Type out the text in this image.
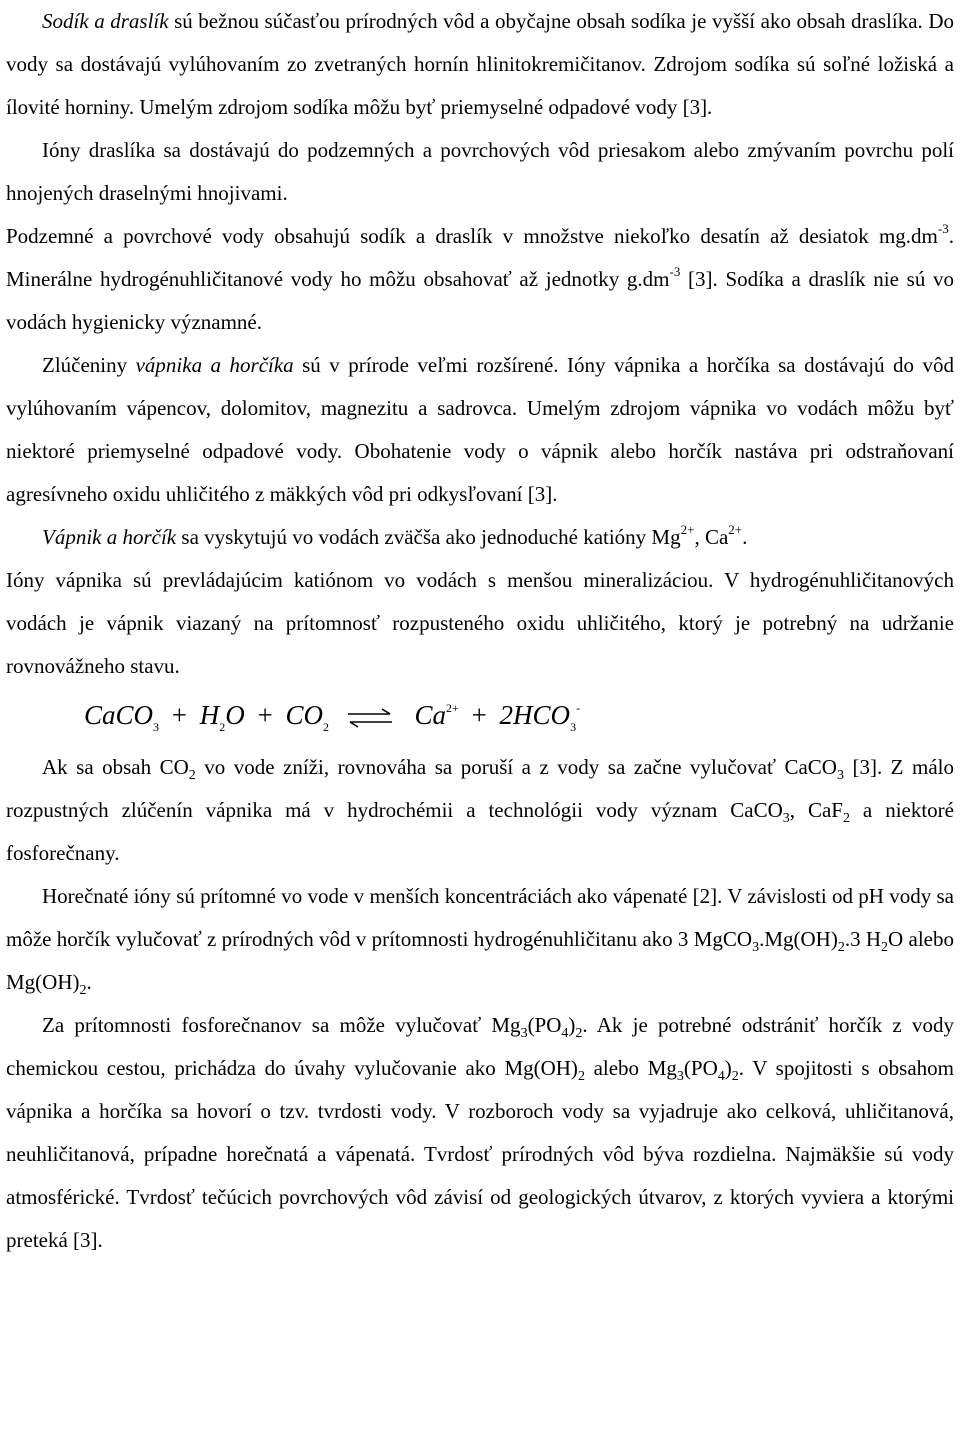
Sodík a draslík sú bežnou súčasťou prírodných vôd a obyčajne obsah sodíka je vyšší ako obsah draslíka. Do vody sa dostávajú vylúhovaním zo zvetraných hornín hlinitokremičitanov. Zdrojom sodíka sú soľné ložiská a ílovité horniny. Umelým zdrojom sodíka môžu byť priemyselné odpadové vody [3].

Ióny draslíka sa dostávajú do podzemných a povrchových vôd priesakom alebo zmývaním povrchu polí hnojených draselnými hnojivami.

Podzemné a povrchové vody obsahujú sodík a draslík v množstve niekoľko desatín až desiatok $mg.dm^{-3}$. Minerálne hydrogénuhličitanové vody ho môžu obsahovať až jednotky $g.dm^{-3}$ [3]. Sodíka a draslík nie sú vo vodách hygienicky významné.

Zlúčeniny vápnika a horčíka sú v prírode veľmi rozšírené. Ióny vápnika a horčíka sa dostávajú do vôd vylúhovaním vápencov, dolomitov, magnezitu a sadrovca. Umelým zdrojom vápnika vo vodách môžu byť niektoré priemyselné odpadové vody. Obohatenie vody o vápnik alebo horčík nastáva pri odstraňovaní agresívneho oxidu uhličitého z mäkkých vôd pri odkysľovaní [3].

Vápnik a horčík sa vyskytujú vo vodách zväčša ako jednoduché katióny $Mg^{2+}$, $Ca^{2+}$.

Ióny vápnika sú prevládajúcim katiónom vo vodách s menšou mineralizáciou. V hydrogénuhličitanových vodách je vápnik viazaný na prítomnosť rozpusteného oxidu uhličitého, ktorý je potrebný na udržanie rovnovážneho stavu.

CaCO$_3$ + $H_2O + CO_2$ ⇌ $Ca^{2+} + 2HCO_3^-$

Ak sa obsah $CO_2$ vo vode zníži, rovnováha sa poruší a z vody sa začne vylučovať CaCO$_3$ [3]. Z málo rozpustných zlúčenín vápnika má v hydrochémii a technológii vody význam CaCO$_3$, CaF$_2$ a niektoré fosforečnany.

Horečnaté ióny sú prítomné vo vode v menších koncentráciách ako vápenaté [2]. V závislosti od pH vody sa môže horčík vylučovať z prírodných vôd v prítomnosti hydrogénuhličitanu ako 3 $MgCO_3.Mg(OH)_2.3$ $H_2O$ alebo $Mg(OH)_2$.

Za prítomnosti fosforečnanov sa môže vylučovať $Mg_3(PO_4)_2$. Ak je potrebné odstrániť horčík z vody chemickou cestou, prichádza do úvahy vylučovanie ako $Mg(OH)_2$ alebo $Mg_3(PO_4)_2$. V spojitosti s obsahom vápnika a horčíka sa hovorí o tzv. tvrdosti vody. V rozboroch vody sa vyjadruje ako celková, uhličitanová, neuhličitanová, prípadne horečnatá a vápenatá. Tvrdosť prírodných vôd býva rozdielna. Najmäkšie sú vody atmosférické. Tvrdosť tečúcich povrchových vôd závisí od geologických útvarov, z ktorých vyviera a ktorými preteká [3].
